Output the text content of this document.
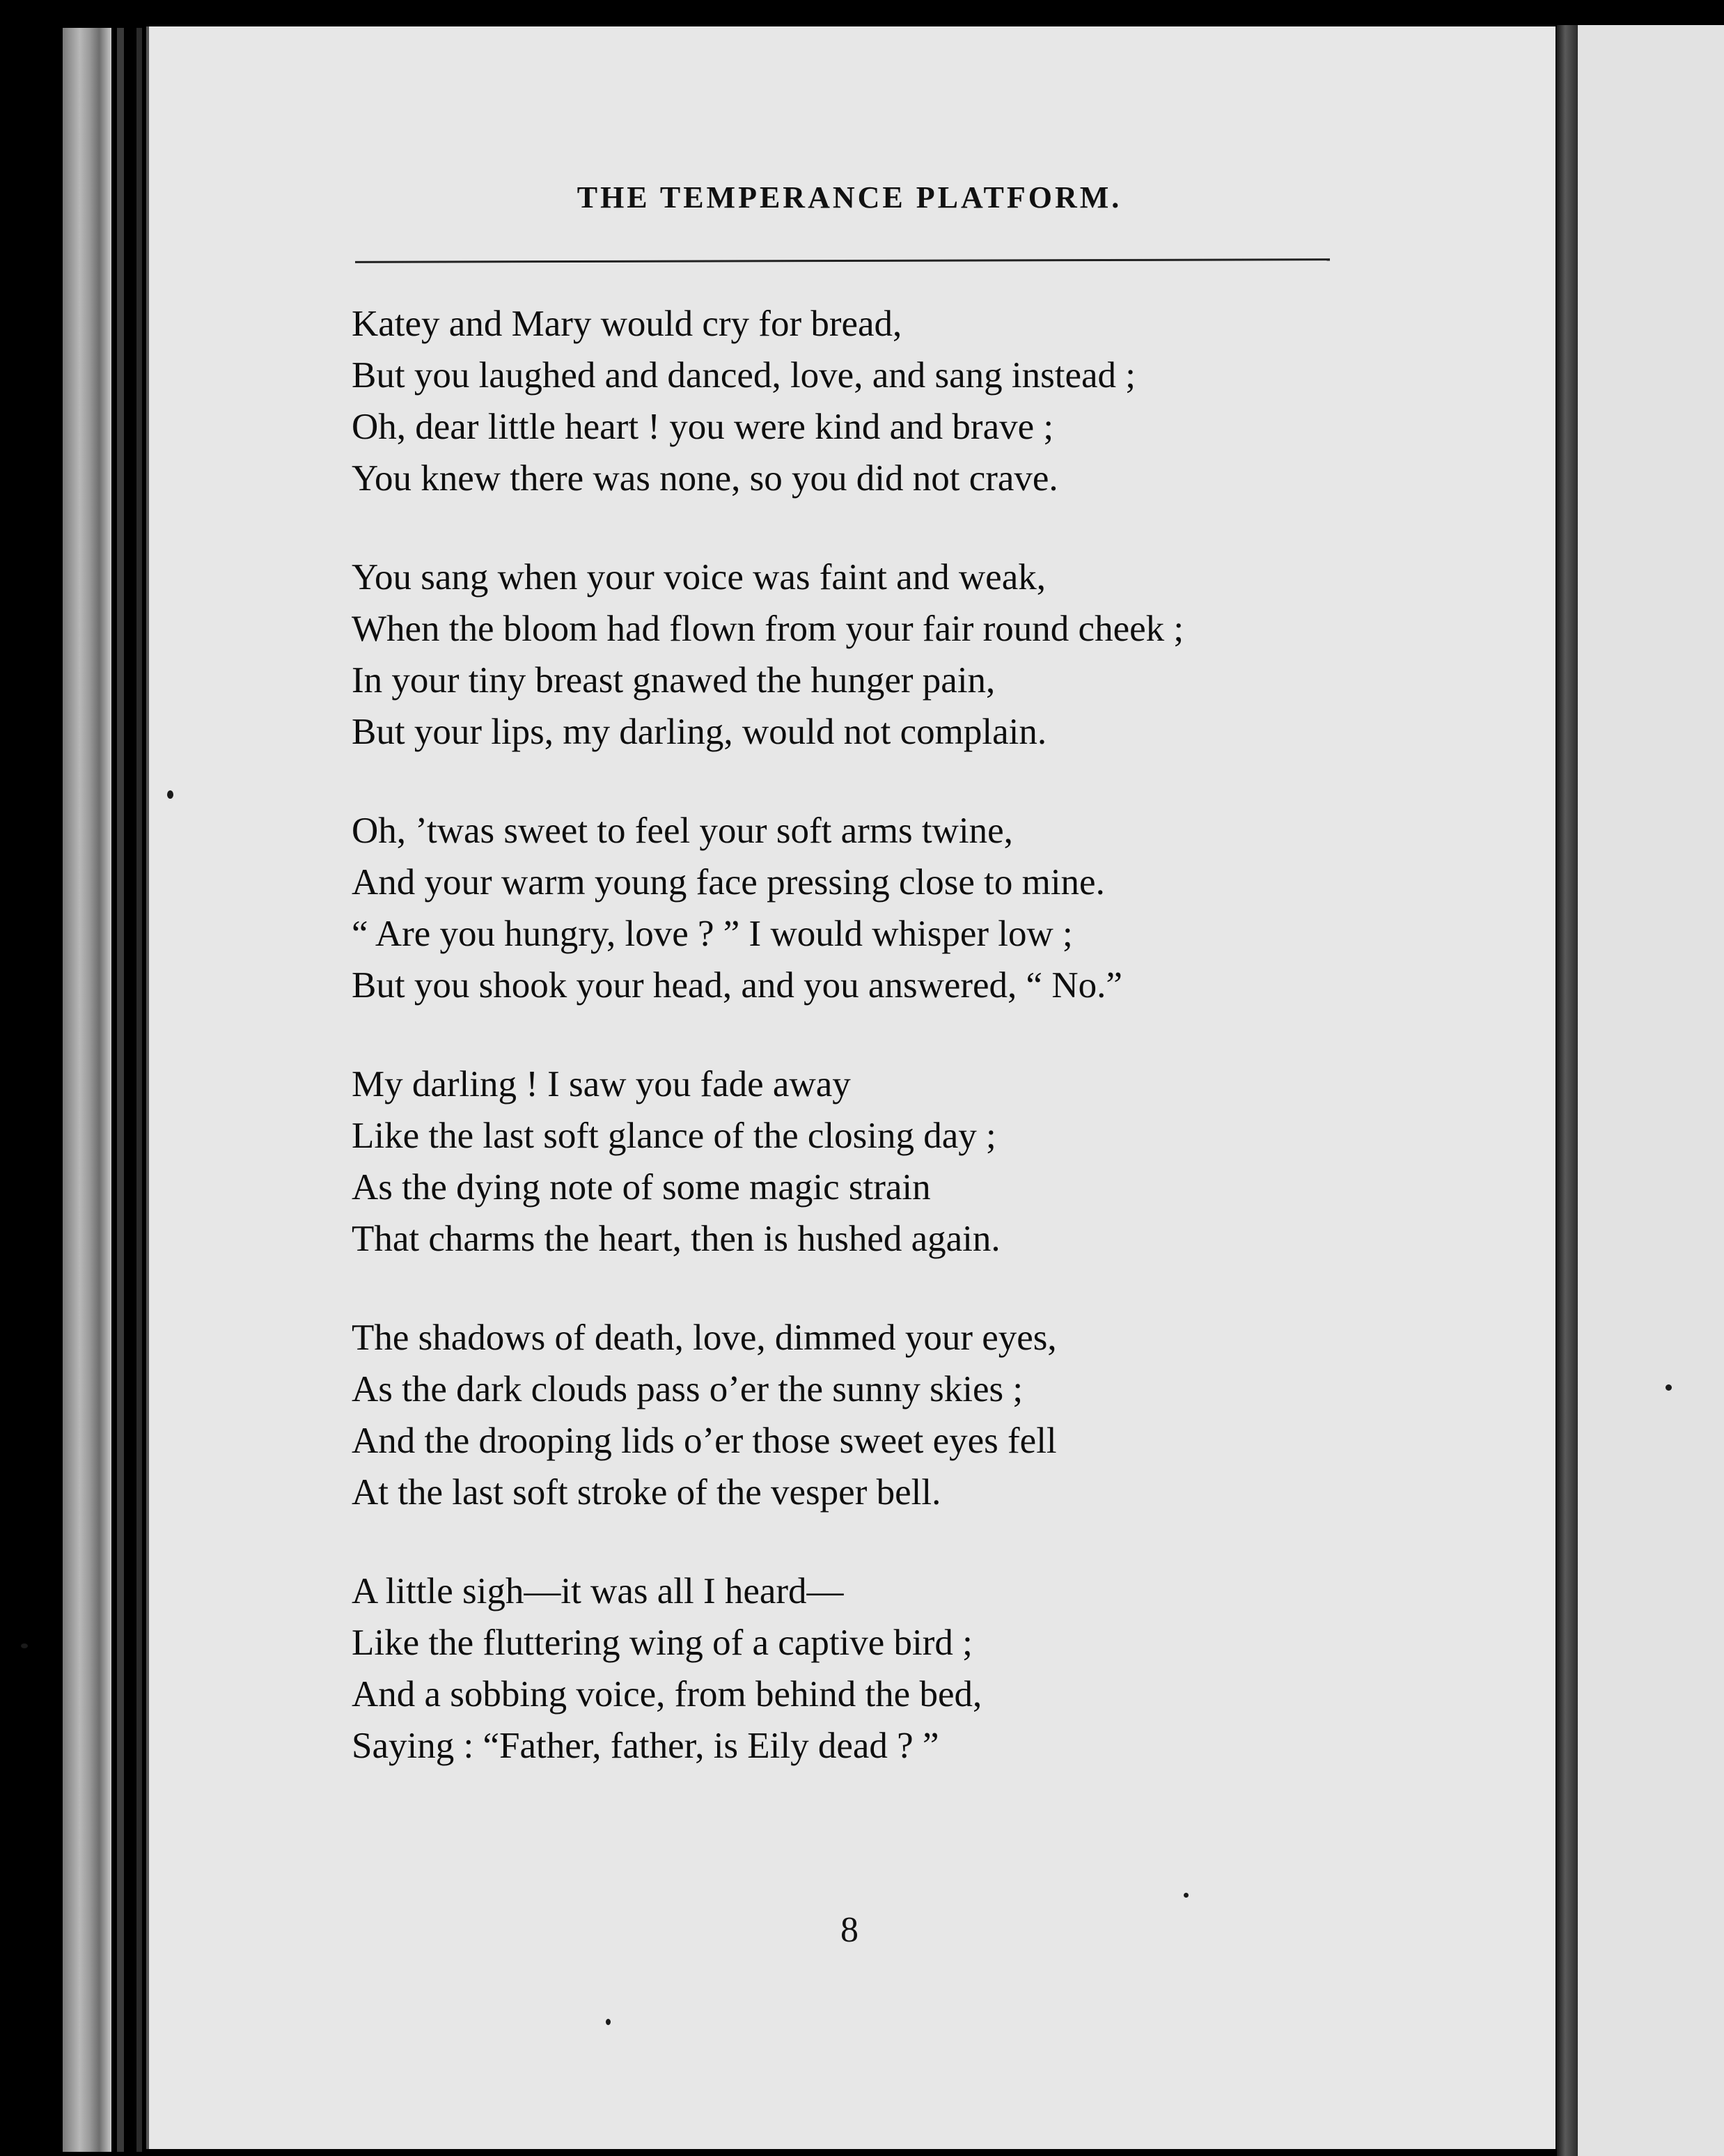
THE TEMPERANCE PLATFORM.
Katey and Mary would cry for bread,
But you laughed and danced, love, and sang instead ;
Oh, dear little heart ! you were kind and brave ;
You knew there was none, so you did not crave.
You sang when your voice was faint and weak,
When the bloom had flown from your fair round cheek ;
In your tiny breast gnawed the hunger pain,
But your lips, my darling, would not complain.
Oh, ’twas sweet to feel your soft arms twine,
And your warm young face pressing close to mine.
“ Are you hungry, love ? ” I would whisper low ;
But you shook your head, and you answered, “ No.”
My darling ! I saw you fade away
Like the last soft glance of the closing day ;
As the dying note of some magic strain
That charms the heart, then is hushed again.
The shadows of death, love, dimmed your eyes,
As the dark clouds pass o’er the sunny skies ;
And the drooping lids o’er those sweet eyes fell
At the last soft stroke of the vesper bell.
A little sigh—it was all I heard—
Like the fluttering wing of a captive bird ;
And a sobbing voice, from behind the bed,
Saying : “Father, father, is Eily dead ? ”
8
